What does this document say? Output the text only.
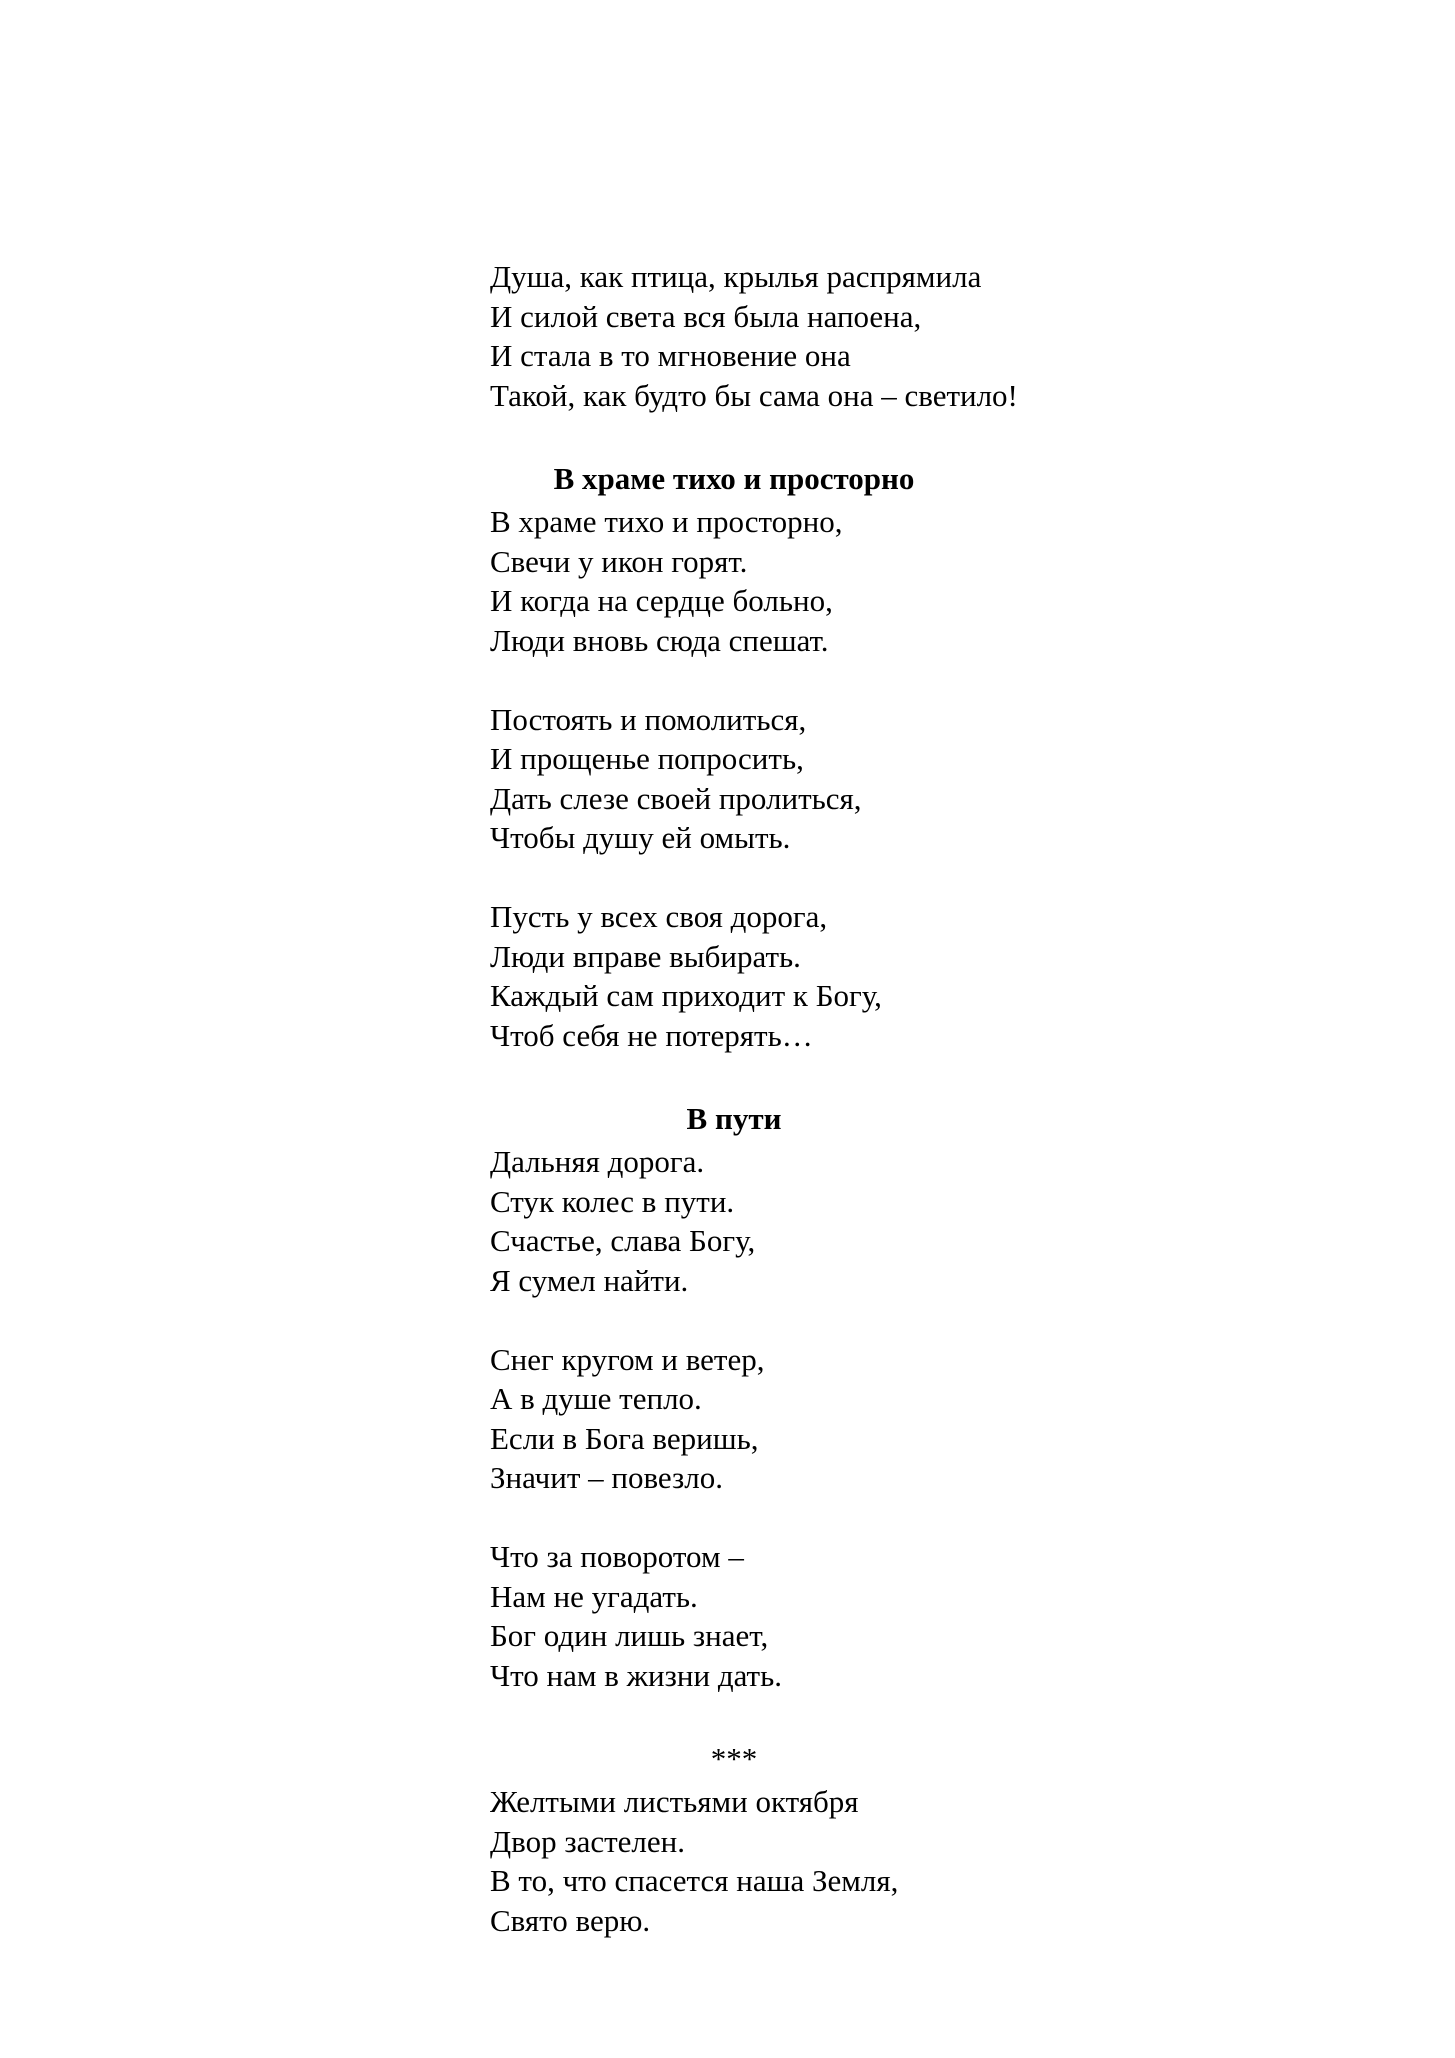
Душа, как птица, крылья распрямила
И силой света вся была напоена,
И стала в то мгновение она
Такой, как будто бы сама она – светило!
В храме тихо и просторно
В храме тихо и просторно,
Свечи у икон горят.
И когда на сердце больно,
Люди вновь сюда спешат.
Постоять и помолиться,
И прощенье попросить,
Дать слезе своей пролиться,
Чтобы душу ей омыть.
Пусть у всех своя дорога,
Люди вправе выбирать.
Каждый сам приходит к Богу,
Чтоб себя не потерять…
В пути
Дальняя дорога.
Стук колес в пути.
Счастье, слава Богу,
Я сумел найти.
Снег кругом и ветер,
А в душе тепло.
Если в Бога веришь,
Значит – повезло.
Что за поворотом –
Нам не угадать.
Бог один лишь знает,
Что нам в жизни дать.
***
Желтыми листьями октября
Двор застелен.
В то, что спасется наша Земля,
Свято верю.
